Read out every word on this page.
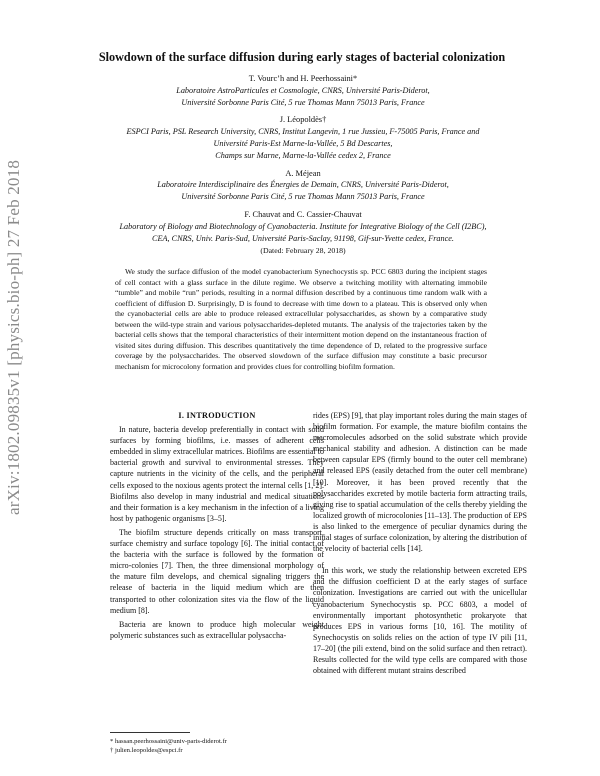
arXiv:1802.09835v1 [physics.bio-ph] 27 Feb 2018
Slowdown of the surface diffusion during early stages of bacterial colonization
T. Vourc’h and H. Peerhossaini*
Laboratoire AstroParticules et Cosmologie, CNRS, Université Paris-Diderot,
Université Sorbonne Paris Cité, 5 rue Thomas Mann 75013 Paris, France
J. Léopoldès†
ESPCI Paris, PSL Research University, CNRS, Institut Langevin, 1 rue Jussieu, F-75005 Paris, France and
Université Paris-Est Marne-la-Vallée, 5 Bd Descartes,
Champs sur Marne, Marne-la-Vallée cedex 2, France
A. Méjean
Laboratoire Interdisciplinaire des Énergies de Demain, CNRS, Université Paris-Diderot,
Université Sorbonne Paris Cité, 5 rue Thomas Mann 75013 Paris, France
F. Chauvat and C. Cassier-Chauvat
Laboratory of Biology and Biotechnology of Cyanobacteria. Institute for Integrative Biology of the Cell (I2BC),
CEA, CNRS, Univ. Paris-Sud, Université Paris-Saclay, 91198, Gif-sur-Yvette cedex, France.
(Dated: February 28, 2018)
We study the surface diffusion of the model cyanobacterium Synechocystis sp. PCC 6803 during the incipient stages of cell contact with a glass surface in the dilute regime. We observe a twitching motility with alternating immobile “tumble” and mobile “run” periods, resulting in a normal diffusion described by a continuous time random walk with a coefficient of diffusion D. Surprisingly, D is found to decrease with time down to a plateau. This is observed only when the cyanobacterial cells are able to produce released extracellular polysaccharides, as shown by a comparative study between the wild-type strain and various polysaccharides-depleted mutants. The analysis of the trajectories taken by the bacterial cells shows that the temporal characteristics of their intermittent motion depend on the instantaneous fraction of visited sites during diffusion. This describes quantitatively the time dependence of D, related to the progressive surface coverage by the polysaccharides. The observed slowdown of the surface diffusion may constitute a basic precursor mechanism for microcolony formation and provides clues for controlling biofilm formation.

I. INTRODUCTION

In nature, bacteria develop preferentially in contact with solid surfaces by forming biofilms, i.e. masses of adherent cells embedded in slimy extracellular matrices. Biofilms are essential to bacterial growth and survival to environmental stresses. They capture nutrients in the vicinity of the cells, and the peripheral cells exposed to the noxious agents protect the internal cells [1, 2]. Biofilms also develop in many industrial and medical situations and their formation is a key mechanism in the infection of a living host by pathogenic organisms [3–5].

The biofilm structure depends critically on mass transport, surface chemistry and surface topology [6]. The initial contact of the bacteria with the surface is followed by the formation of micro-colonies [7]. Then, the three dimensional morphology of the mature film develops, and chemical signaling triggers the release of bacteria in the liquid medium which are then transported to other colonization sites via the flow of the liquid medium [8].

Bacteria are known to produce high molecular weight polymeric substances such as extracellular polysaccha-

rides (EPS) [9], that play important roles during the main stages of biofilm formation. For example, the mature biofilm contains the macromolecules adsorbed on the solid substrate which provide mechanical stability and adhesion. A distinction can be made between capsular EPS (firmly bound to the outer cell membrane) and released EPS (easily detached from the outer cell membrane) [10]. Moreover, it has been proved recently that the polysaccharides excreted by motile bacteria form attracting trails, giving rise to spatial accumulation of the cells thereby yielding the localized growth of microcolonies [11–13]. The production of EPS is also linked to the emergence of peculiar dynamics during the initial stages of surface colonization, by altering the distribution of the velocity of bacterial cells [14].

In this work, we study the relationship between excreted EPS and the diffusion coefficient D at the early stages of surface colonization. Investigations are carried out with the unicellular cyanobacterium Synechocystis sp. PCC 6803, a model of environmentally important photosynthetic prokaryote that produces EPS in various forms [10, 16]. The motility of Synechocystis on solids relies on the action of type IV pili [11, 17–20] (the pili extend, bind on the solid surface and then retract). Results collected for the wild type cells are compared with those obtained with different mutant strains described

* hassan.peerhossaini@univ-paris-diderot.fr
† julien.leopoldes@espci.fr
